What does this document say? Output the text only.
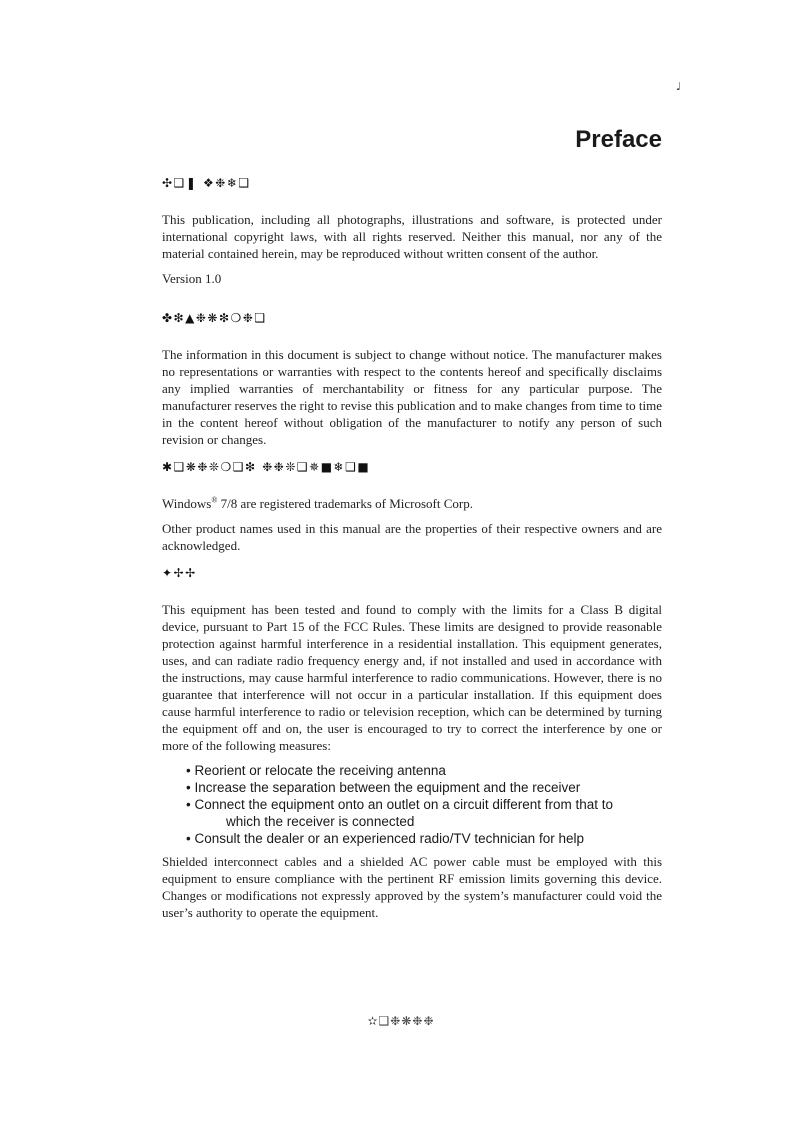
♩
Preface
✣❑❚ ❖❉❄❑

This publication, including all photographs, illustrations and software, is protected under international copyright laws, with all rights reserved. Neither this manual, nor any of the material contained herein, may be reproduced without written consent of the author.

Version 1.0

✤❇▲❉❋❇❍❉❑

The information in this document is subject to change without notice. The manufacturer makes no representations or warranties with respect to the contents hereof and specifically disclaims any implied warranties of merchantability or fitness for any particular purpose. The manufacturer reserves the right to revise this publication and to make changes from time to time in the content hereof without obligation of the manufacturer to notify any person of such revision or changes.

✱❑❋❉❊❍❑❇ ❉❉❊❑✵■❄❑■

Windows® 7/8 are registered trademarks of Microsoft Corp.

Other product names used in this manual are the properties of their respective owners and are acknowledged.

✦✢✢

This equipment has been tested and found to comply with the limits for a Class B digital device, pursuant to Part 15 of the FCC Rules. These limits are designed to provide reasonable protection against harmful interference in a residential installation. This equipment generates, uses, and can radiate radio frequency energy and, if not installed and used in accordance with the instructions, may cause harmful interference to radio communications. However, there is no guarantee that interference will not occur in a particular installation. If this equipment does cause harmful interference to radio or television reception, which can be determined by turning the equipment off and on, the user is encouraged to try to correct the interference by one or more of the following measures:

• Reorient or relocate the receiving antenna
• Increase the separation between the equipment and the receiver
• Connect the equipment onto an outlet on a circuit different from that to
which the receiver is connected
• Consult the dealer or an experienced radio/TV technician for help

Shielded interconnect cables and a shielded AC power cable must be employed with this equipment to ensure compliance with the pertinent RF emission limits governing this device. Changes or modifications not expressly approved by the system’s manufacturer could void the user’s authority to operate the equipment.

✫❑❉❋❉❉
